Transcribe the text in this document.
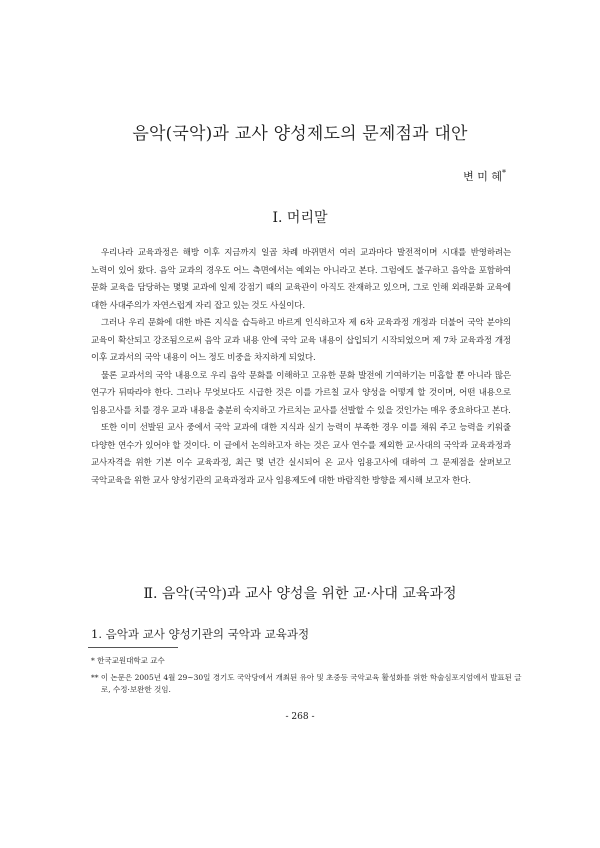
음악(국악)과 교사 양성제도의 문제점과 대안
변 미 혜*
Ⅰ. 머리말

우리나라 교육과정은 해방 이후 지금까지 일곱 차례 바뀌면서 여러 교과마다 발전적이며 시대를 반영하려는 노력이 있어 왔다. 음악 교과의 경우도 어느 측면에서는 예외는 아니라고 본다. 그럼에도 불구하고 음악을 포함하여 문화 교육을 담당하는 몇몇 교과에 일제 강점기 때의 교육관이 아직도 잔재하고 있으며, 그로 인해 외래문화 교육에 대한 사대주의가 자연스럽게 자리 잡고 있는 것도 사실이다.

그러나 우리 문화에 대한 바른 지식을 습득하고 바르게 인식하고자 제 6차 교육과정 개정과 더불어 국악 분야의 교육이 확산되고 강조됨으로써 음악 교과 내용 안에 국악 교육 내용이 삽입되기 시작되었으며 제 7차 교육과정 개정 이후 교과서의 국악 내용이 어느 정도 비중을 차지하게 되었다.

물론 교과서의 국악 내용으로 우리 음악 문화를 이해하고 고유한 문화 발전에 기여하기는 미흡할 뿐 아니라 많은 연구가 뒤따라야 한다. 그러나 무엇보다도 시급한 것은 이를 가르칠 교사 양성을 어떻게 할 것이며, 어떤 내용으로 임용고사를 치를 경우 교과 내용을 충분히 숙지하고 가르치는 교사를 선발할 수 있을 것인가는 매우 중요하다고 본다.

또한 이미 선발된 교사 중에서 국악 교과에 대한 지식과 실기 능력이 부족한 경우 이를 채워 주고 능력을 키워줄 다양한 연수가 있어야 할 것이다. 이 글에서 논의하고자 하는 것은 교사 연수를 제외한 교·사대의 국악과 교육과정과 교사자격을 위한 기본 이수 교육과정, 최근 몇 년간 실시되어 온 교사 임용고사에 대하여 그 문제점을 살펴보고 국악교육을 위한 교사 양성기관의 교육과정과 교사 임용제도에 대한 바람직한 방향을 제시해 보고자 한다.

Ⅱ. 음악(국악)과 교사 양성을 위한 교·사대 교육과정
1. 음악과 교사 양성기관의 국악과 교육과정
* 한국교원대학교 교수
** 이 논문은 2005년 4월 29~30일 경기도 국악당에서 개최된 유아 및 초중등 국악교육 활성화를 위한 학술심포지엄에서 발표된 글로, 수정·보완한 것임.
- 268 -
